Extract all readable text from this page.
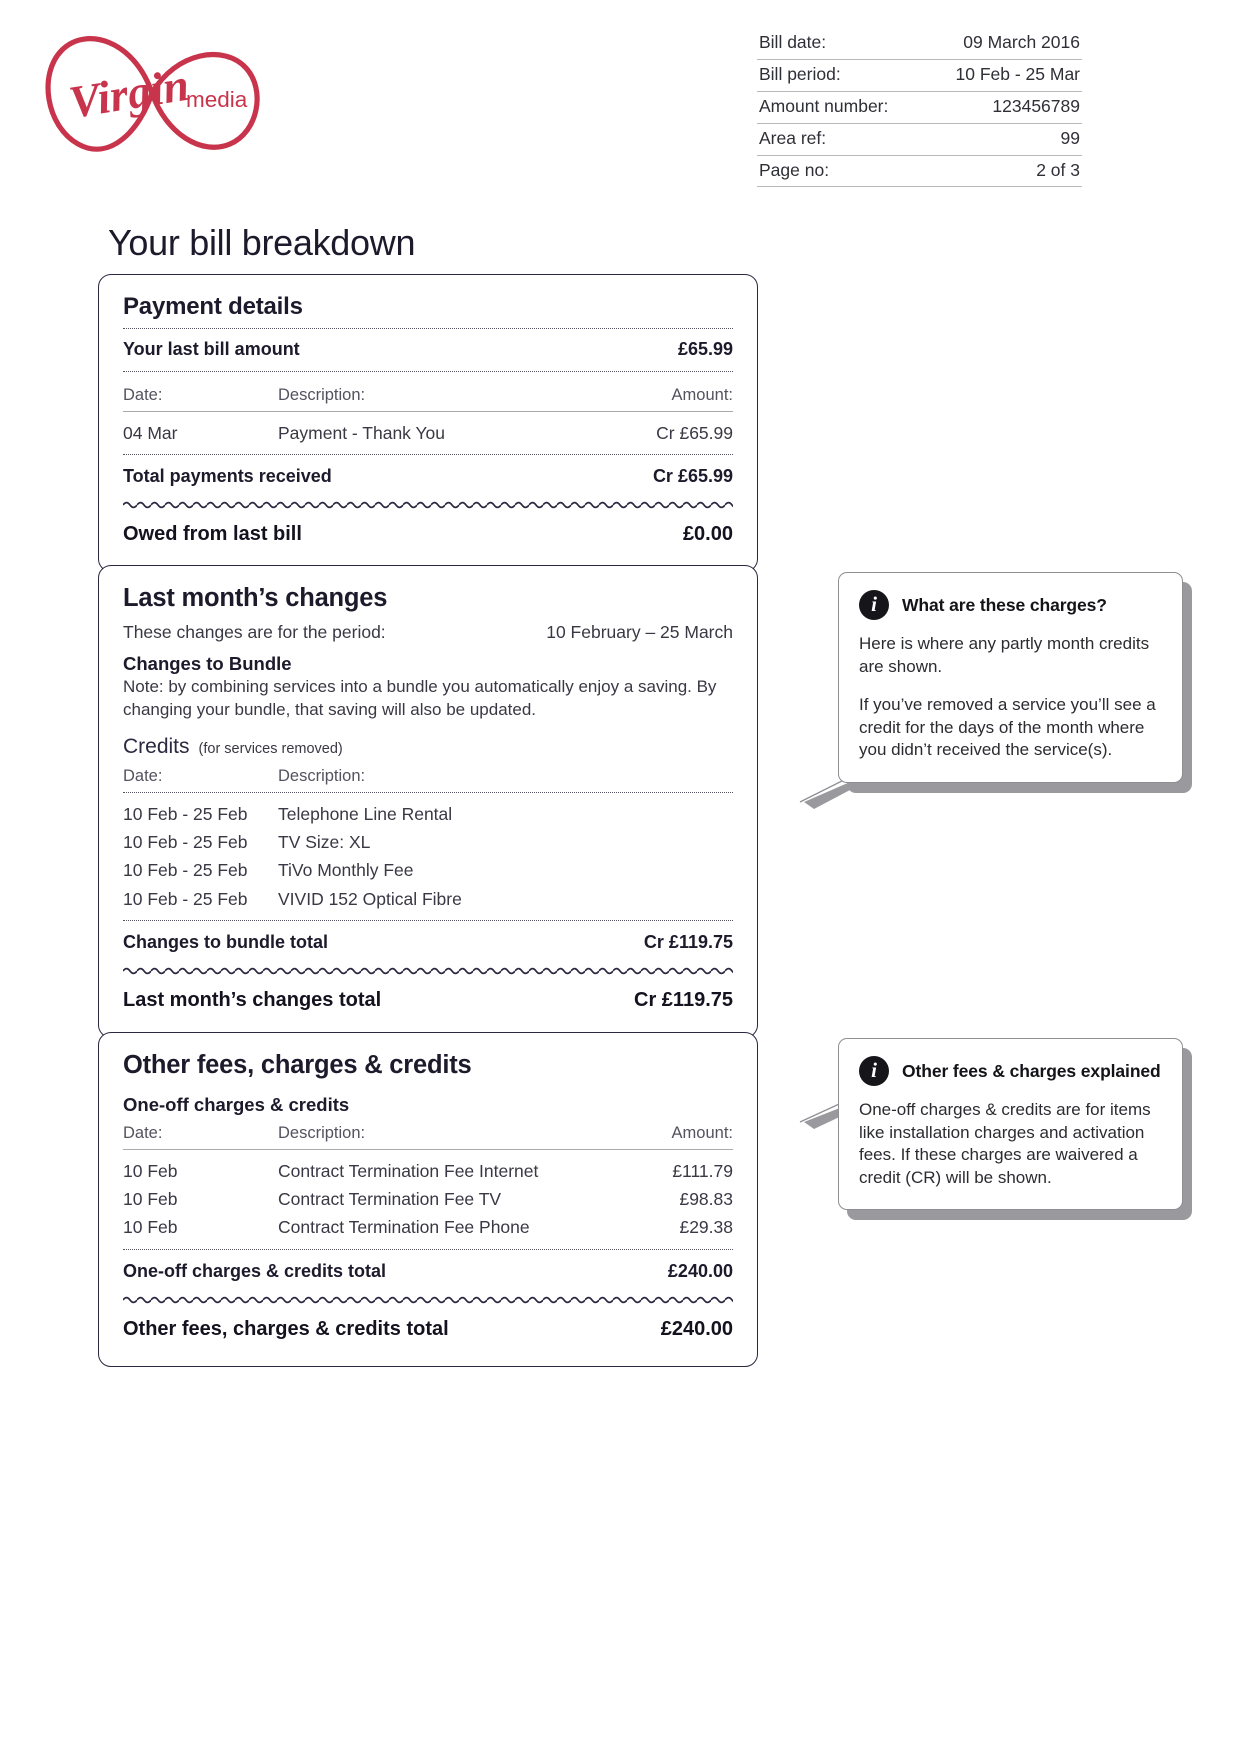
Virgin
media
Bill date:	09 March 2016
Bill period:	10 Feb - 25 Mar
Amount number:	123456789
Area ref:	99
Page no:	2 of 3
Your bill breakdown
Payment details
Your last bill amount	£65.99
Date:	Description:	Amount:
04 Mar	Payment - Thank You	Cr £65.99
Total payments received	Cr £65.99
Owed from last bill	£0.00
Last month’s changes
These changes are for the period:	10 February – 25 March
Changes to Bundle
Note: by combining services into a bundle you automatically enjoy a saving. By changing your bundle, that saving will also be updated.
Credits (for services removed)
Date:	Description:
10 Feb - 25 Feb	Telephone Line Rental
10 Feb - 25 Feb	TV Size: XL
10 Feb - 25 Feb	TiVo Monthly Fee
10 Feb - 25 Feb	VIVID 152 Optical Fibre
Changes to bundle total	Cr £119.75
Last month’s changes total	Cr £119.75
Other fees, charges & credits
One-off charges & credits
Date:	Description:	Amount:
10 Feb	Contract Termination Fee Internet	£111.79
10 Feb	Contract Termination Fee TV	£98.83
10 Feb	Contract Termination Fee Phone	£29.38
One-off charges & credits total	£240.00
Other fees, charges & credits total	£240.00
i
What are these charges?

Here is where any partly month credits are shown.

If you’ve removed a service you’ll see a credit for the days of the month where you didn’t received the service(s).

i
Other fees & charges explained

One-off charges & credits are for items like installation charges and activation fees. If these charges are waivered a credit (CR) will be shown.
